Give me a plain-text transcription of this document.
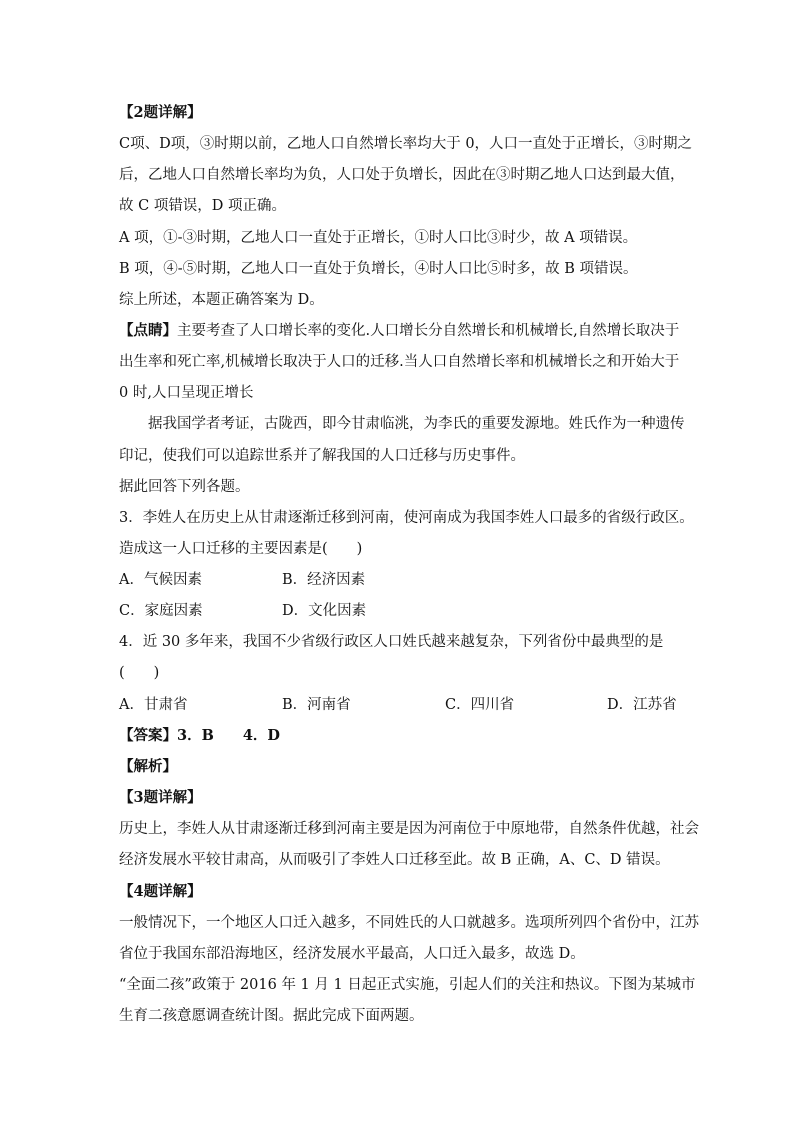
【2题详解】
C项、D项，③时期以前，乙地人口自然增长率均大于 0，人口一直处于正增长，③时期之
后，乙地人口自然增长率均为负，人口处于负增长，因此在③时期乙地人口达到最大值，
故 C 项错误，D 项正确。
A 项，①-③时期，乙地人口一直处于正增长，①时人口比③时少，故 A 项错误。
B 项，④-⑤时期，乙地人口一直处于负增长，④时人口比⑤时多，故 B 项错误。
综上所述，本题正确答案为 D。
【点睛】主要考查了人口增长率的变化.人口增长分自然增长和机械增长,自然增长取决于
出生率和死亡率,机械增长取决于人口的迁移.当人口自然增长率和机械增长之和开始大于
0 时,人口呈现正增长
据我国学者考证，古陇西，即今甘肃临洮，为李氏的重要发源地。姓氏作为一种遗传
印记，使我们可以追踪世系并了解我国的人口迁移与历史事件。
据此回答下列各题。
3．李姓人在历史上从甘肃逐渐迁移到河南，使河南成为我国李姓人口最多的省级行政区。
造成这一人口迁移的主要因素是(　　)
A．气候因素	B．经济因素
C．家庭因素	D．文化因素
4．近 30 多年来，我国不少省级行政区人口姓氏越来越复杂，下列省份中最典型的是
(　　)
A．甘肃省	B．河南省	C．四川省	D．江苏省
【答案】3．B　　4．D
【解析】
【3题详解】
历史上，李姓人从甘肃逐渐迁移到河南主要是因为河南位于中原地带，自然条件优越，社会
经济发展水平较甘肃高，从而吸引了李姓人口迁移至此。故 B 正确，A、C、D 错误。
【4题详解】
一般情况下，一个地区人口迁入越多，不同姓氏的人口就越多。选项所列四个省份中，江苏
省位于我国东部沿海地区，经济发展水平最高，人口迁入最多，故选 D。
“全面二孩”政策于 2016 年 1 月 1 日起正式实施，引起人们的关注和热议。下图为某城市
生育二孩意愿调查统计图。据此完成下面两题。
